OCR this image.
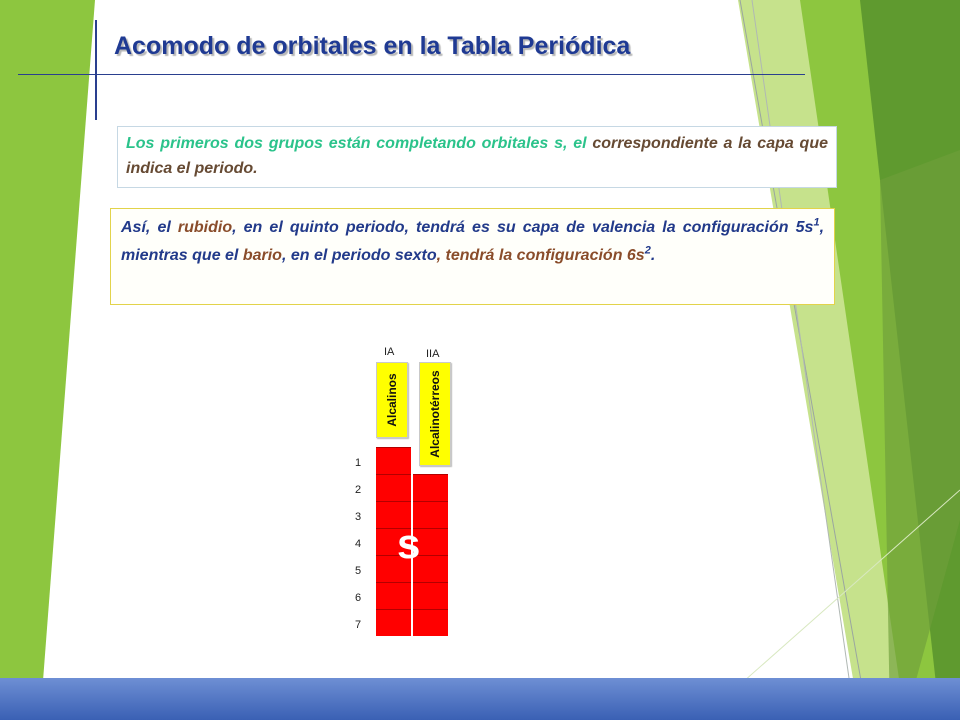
Acomodo de orbitales en la Tabla Periódica
Los primeros dos grupos están completando orbitales s, el correspondiente a la capa que indica el periodo.
Así, el rubidio, en el quinto periodo, tendrá es su capa de valencia la configuración $5s^1$, mientras que el bario, en el periodo sexto, tendrá la configuración $6s^2$.
IA	IIA
Alcalinos Alcalinotérreos
1
2
3
4
5
6
7
s
